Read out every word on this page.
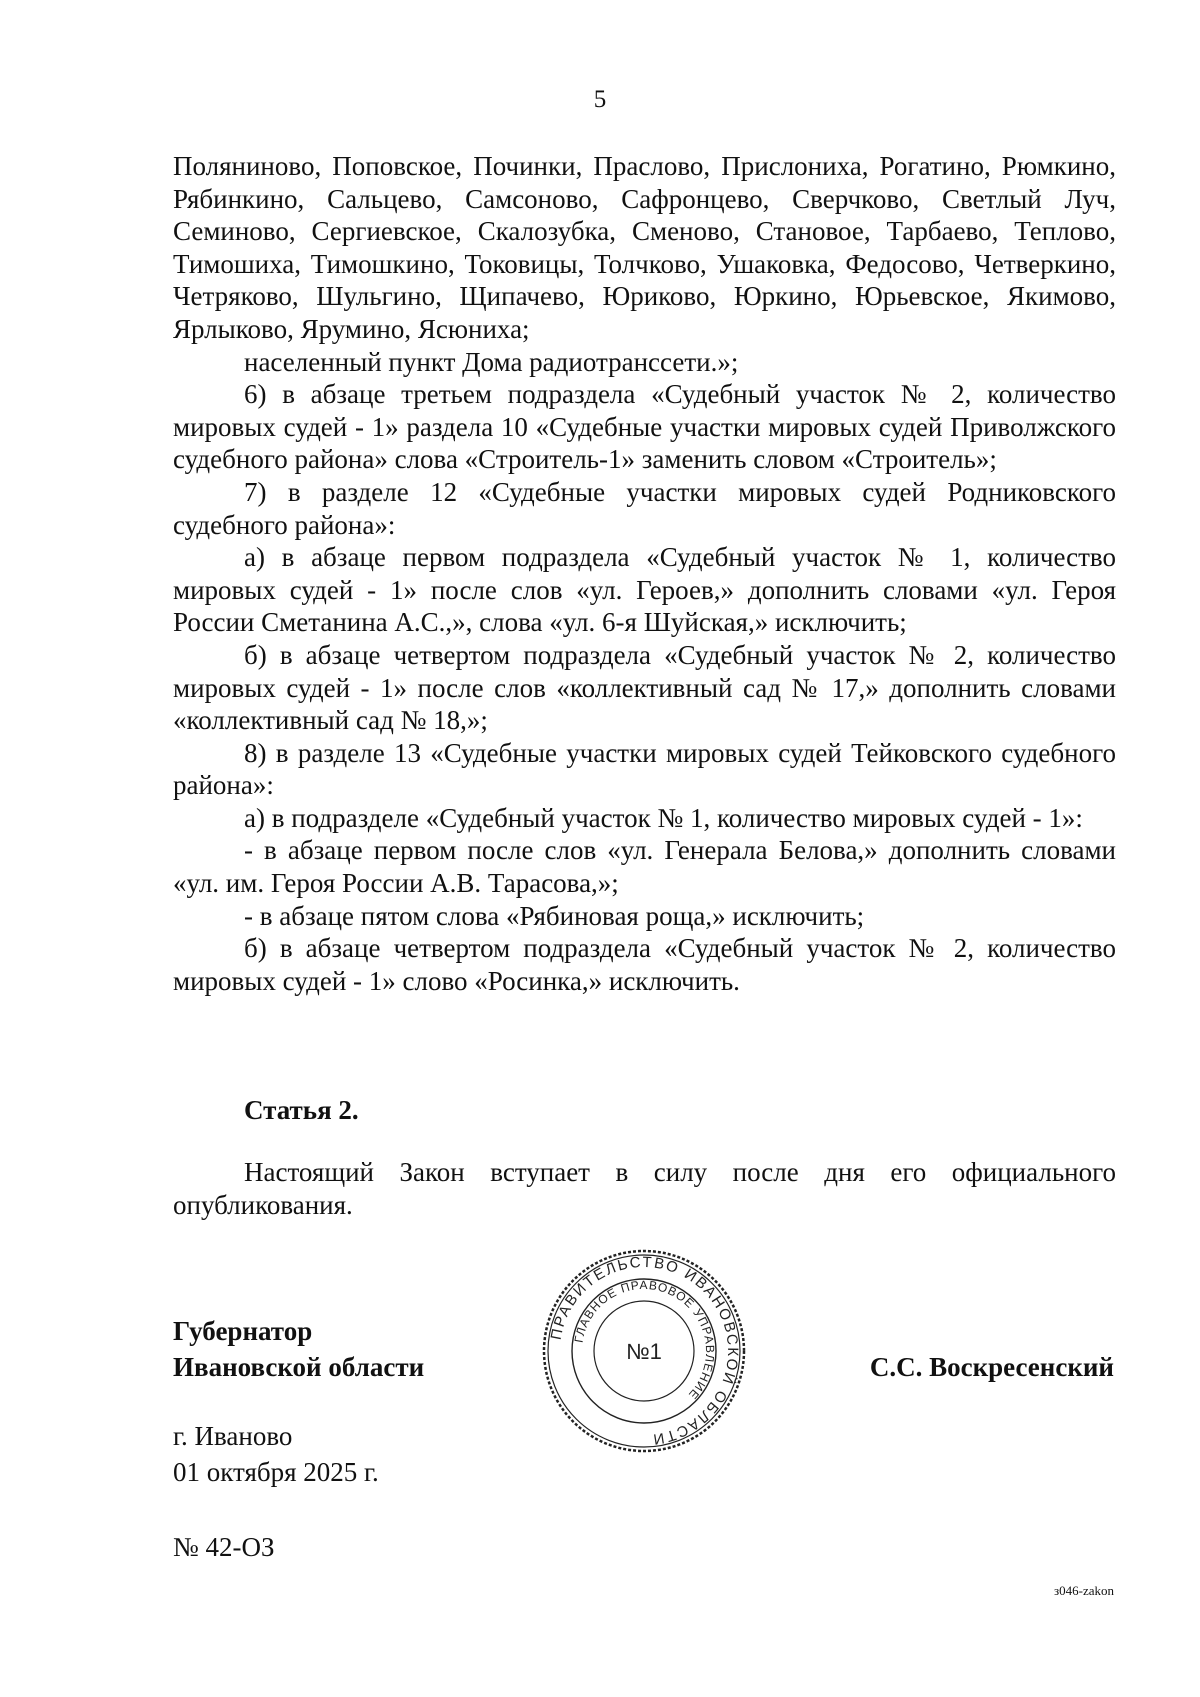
5

Поляниново, Поповское, Починки, Праслово, Прислониха, Рогатино, Рюмкино, Рябинкино, Сальцево, Самсоново, Сафронцево, Сверчково, Светлый Луч, Семиново, Сергиевское, Скалозубка, Сменово, Становое, Тарбаево, Теплово, Тимошиха, Тимошкино, Токовицы, Толчково, Ушаковка, Федосово, Четверкино, Четряково, Шульгино, Щипачево, Юриково, Юркино, Юрьевское, Якимово, Ярлыково, Ярумино, Ясюниха;

населенный пункт Дома радиотранссети.»;

6) в абзаце третьем подраздела «Судебный участок № 2, количество мировых судей - 1» раздела 10 «Судебные участки мировых судей Приволжского судебного района» слова «Строитель-1» заменить словом «Строитель»;

7) в разделе 12 «Судебные участки мировых судей Родниковского судебного района»:

а) в абзаце первом подраздела «Судебный участок № 1, количество мировых судей - 1» после слов «ул. Героев,» дополнить словами «ул. Героя России Сметанина А.С.,», слова «ул. 6-я Шуйская,» исключить;

б) в абзаце четвертом подраздела «Судебный участок № 2, количество мировых судей - 1» после слов «коллективный сад № 17,» дополнить словами «коллективный сад № 18,»;

8) в разделе 13 «Судебные участки мировых судей Тейковского судебного района»:

а) в подразделе «Судебный участок № 1, количество мировых судей - 1»:

- в абзаце первом после слов «ул. Генерала Белова,» дополнить словами «ул. им. Героя России А.В. Тарасова,»;

- в абзаце пятом слова «Рябиновая роща,» исключить;

б) в абзаце четвертом подраздела «Судебный участок № 2, количество мировых судей - 1» слово «Росинка,» исключить.

Статья 2.

Настоящий Закон вступает в силу после дня его официального опубликования.

Губернатор
Ивановской области	С.С. Воскресенский
ПРАВИТЕЛЬСТВО ИВАНОВСКОЙ ОБЛАСТИ
ГЛАВНОЕ ПРАВОВОЕ УПРАВЛЕНИЕ
№1
г. Иваново
01 октября 2025 г.
№ 42-ОЗ
з046-zakon
